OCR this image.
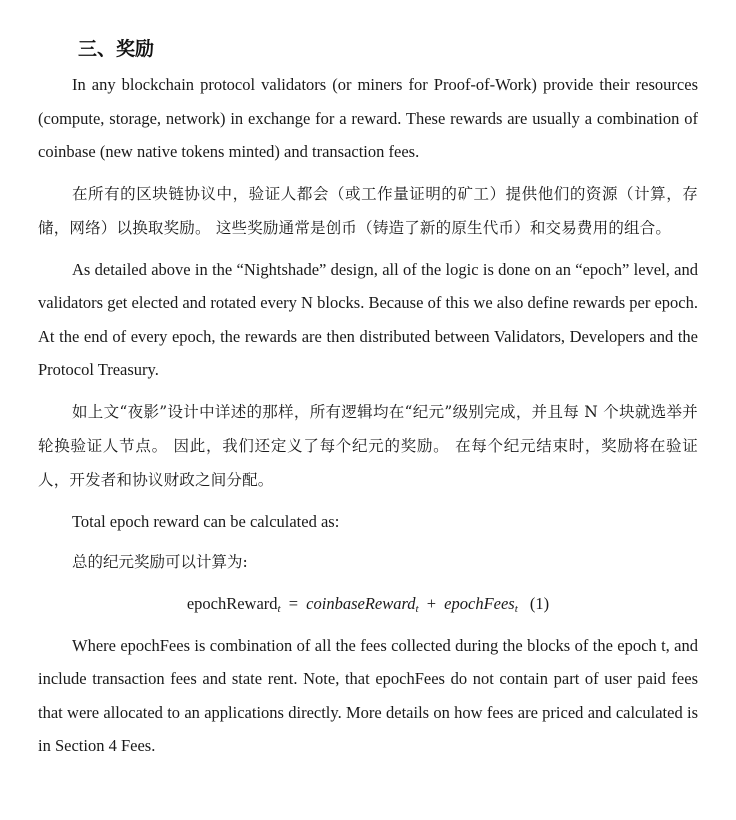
三、奖励

In any blockchain protocol validators (or miners for Proof-of-Work) provide their resources (compute, storage, network) in exchange for a reward. These rewards are usually a combination of coinbase (new native tokens minted) and transaction fees.

在所有的区块链协议中，验证人都会（或工作量证明的矿工）提供他们的资源（计算，存储，网络）以换取奖励。 这些奖励通常是创币（铸造了新的原生代币）和交易费用的组合。

As detailed above in the “Nightshade” design, all of the logic is done on an “epoch” level, and validators get elected and rotated every N blocks. Because of this we also define rewards per epoch. At the end of every epoch, the rewards are then distributed between Validators, Developers and the Protocol Treasury.

如上文“夜影”设计中详述的那样，所有逻辑均在“纪元”级别完成，并且每 N 个块就选举并轮换验证人节点。 因此，我们还定义了每个纪元的奖励。 在每个纪元结束时，奖励将在验证人，开发者和协议财政之间分配。

Total epoch reward can be calculated as:
总的纪元奖励可以计算为:
epochReward$_t$ = coinbaseReward$_t$ + epochFees$_t$ (1)

Where epochFees is combination of all the fees collected during the blocks of the epoch t, and include transaction fees and state rent. Note, that epochFees do not contain part of user paid fees that were allocated to an applications directly. More details on how fees are priced and calculated is in Section 4 Fees.
